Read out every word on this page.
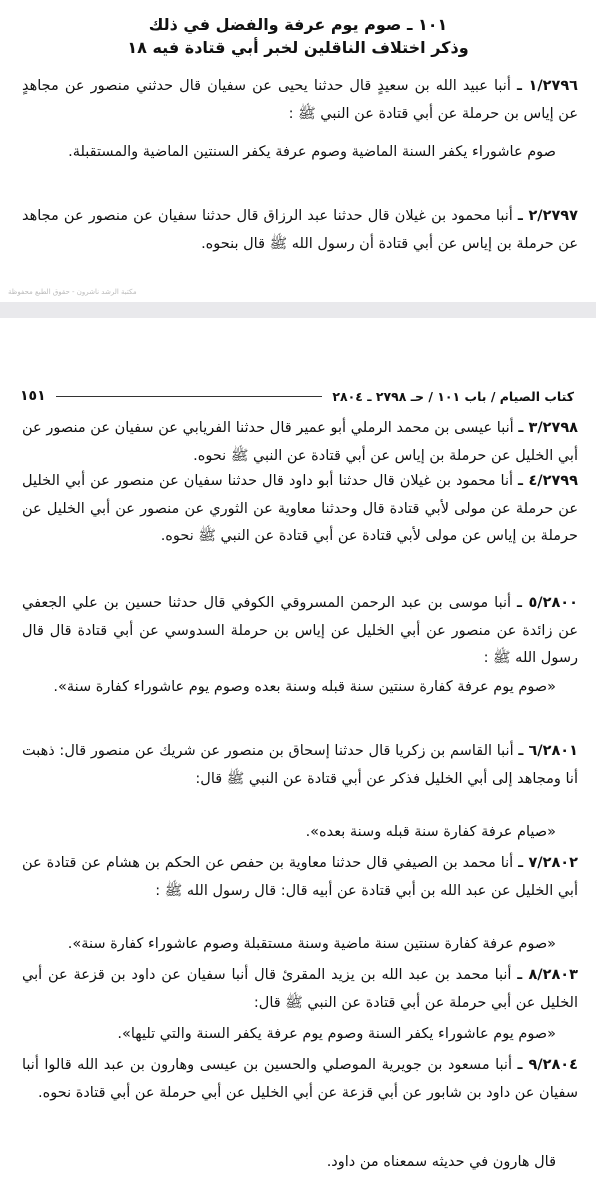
١٠١ ـ صوم يوم عرفة والفضل في ذلك
وذكر اختلاف الناقلين لخبر أبي قتادة فيه ١٨
١/٢٧٩٦ ـ أنبا عبيد الله بن سعيدٍ قال حدثنا يحيى عن سفيان قال حدثني منصور عن مجاهدٍ عن إياس بن حرملة عن أبي قتادة عن النبي ﷺ :
صوم عاشوراء يكفر السنة الماضية وصوم عرفة يكفر السنتين الماضية والمستقبلة.
٢/٢٧٩٧ ـ أنبا محمود بن غيلان قال حدثنا عبد الرزاق قال حدثنا سفيان عن منصور عن مجاهد عن حرملة بن إياس عن أبي قتادة أن رسول الله ﷺ قال بنحوه.
مكتبة الرشد ناشرون - حقوق الطبع محفوظة
كتاب الصيام / باب ١٠١ / حـ ٢٧٩٨ ـ ٢٨٠٤
١٥١
٣/٢٧٩٨ ـ أنبا عيسى بن محمد الرملي أبو عمير قال حدثنا الفريابي عن سفيان عن منصور عن أبي الخليل عن حرملة بن إياس عن أبي قتادة عن النبي ﷺ نحوه.
٤/٢٧٩٩ ـ أنا محمود بن غيلان قال حدثنا أبو داود قال حدثنا سفيان عن منصور عن أبي الخليل عن حرملة عن مولى لأبي قتادة قال وحدثنا معاوية عن الثوري عن منصور عن أبي الخليل عن حرملة بن إياس عن مولى لأبي قتادة عن أبي قتادة عن النبي ﷺ نحوه.
٥/٢٨٠٠ ـ أنبا موسى بن عبد الرحمن المسروقي الكوفي قال حدثنا حسين بن علي الجعفي عن زائدة عن منصور عن أبي الخليل عن إياس بن حرملة السدوسي عن أبي قتادة قال قال رسول الله ﷺ :
«صوم يوم عرفة كفارة سنتين سنة قبله وسنة بعده وصوم يوم عاشوراء كفارة سنة».
٦/٢٨٠١ ـ أنبا القاسم بن زكريا قال حدثنا إسحاق بن منصور عن شريك عن منصور قال: ذهبت أنا ومجاهد إلى أبي الخليل فذكر عن أبي قتادة عن النبي ﷺ قال:
«صيام عرفة كفارة سنة قبله وسنة بعده».
٧/٢٨٠٢ ـ أنا محمد بن الصيفي قال حدثنا معاوية بن حفص عن الحكم بن هشام عن قتادة عن أبي الخليل عن عبد الله بن أبي قتادة عن أبيه قال: قال رسول الله ﷺ :
«صوم عرفة كفارة سنتين سنة ماضية وسنة مستقبلة وصوم عاشوراء كفارة سنة».
٨/٢٨٠٣ ـ أنبا محمد بن عبد الله بن يزيد المقرئ قال أنبا سفيان عن داود بن قزعة عن أبي الخليل عن أبي حرملة عن أبي قتادة عن النبي ﷺ قال:
«صوم يوم عاشوراء يكفر السنة وصوم يوم عرفة يكفر السنة والتي تليها».
٩/٢٨٠٤ ـ أنبا مسعود بن جويرية الموصلي والحسين بن عيسى وهارون بن عبد الله قالوا أنبا سفيان عن داود بن شابور عن أبي قزعة عن أبي الخليل عن أبي حرملة عن أبي قتادة نحوه.
قال هارون في حديثه سمعناه من داود.
